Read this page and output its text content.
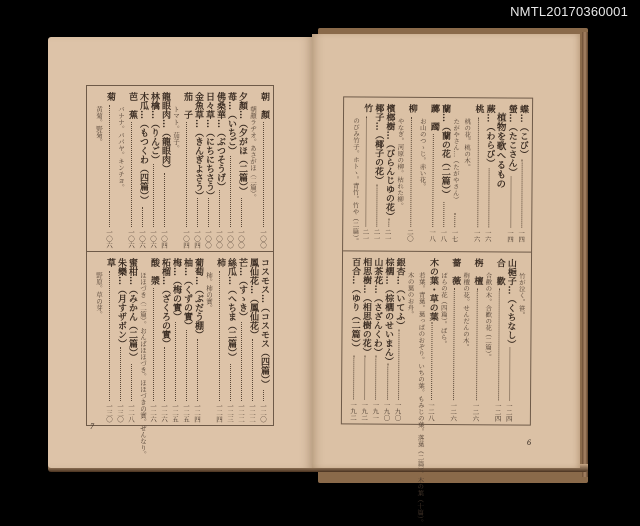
NMTL20170360001
朝　顏
一〇〇
朝顏ラヂオ。あさがほ（二篇）。
夕顏…（夕がほ（二篇））
一〇〇
苺…（いちご）
一〇〇
佛桑華…（ぶつそうげ）
一〇〇
日々草…（にちにちさう）
一〇〇
金魚草…（きんぎよさう）
一〇四
茄　子
一〇四
トマト。茄子。
龍眼肉…（龍眼肉）
一〇四
林檎…（りんご）
一〇六
木瓜…（もつくわ（四篇））
一〇六
芭　蕉
一〇六
バナナ。パパヤ。キンチヨ。
菊
一〇六
黄菊。野菊。
コスモス…（コスモス（四篇））
一二〇
鳳仙花…（鳳仙花）
一二二
芒…（すゝき）
一二二
絲瓜…（へちま（二篇））
一二三
柿
一二四
柿。柿の實。
葡萄…（ぶだう棚）
一二四
柚…（くずの實）
一二五
梅…（梅の實）
一二五
柘榴…（ざくろの實）
一二六
酸　漿
一二六
ほほづき（二篇）。おんばほほづき。ほほづきの實。ぜんなり。
蜜柑…（みかん（二篇））
一二八
朱欒…（月すザボン）
一三〇
草
一三〇
野原。草の芽。
7
蝶…（こび）
一四
螢…（たこさん）
一四
植物を歌へるもの
蕨…（わらび）
一六
桃
一六
桃の花。桃の木。
たがやさん…（たがやさん）
一七
蘭…（蘭の花（二篇））
一八
躑　躅
一八
お山のつゝじ。赤い花。
柳
二〇
やなぎ。河原の柳。枯れた柳。
檳榔樹…（びらんじゆの花）
二一
椰子…（椰子の花）
二一
竹
二一
のびみ竹子。ホトヽ。青竹。竹や（二篇）。
竹が泣く。笹。
山梔子…（くちなし）
一二四
合　歡
一二四
合歡の木。合歡の花（二篇）。
栴　檀
一二六
栴檀の花。せんだんの木。
薔　薇
一二六
ばらの花（四篇）。ばら。
木の葉・草の葉
一二八
若葉。青葉。葉っぱのおぞり。いちの葉。もみじの葉。落葉（二篇）。木の葉（十篇）。
木の葉のお舟。
銀杏…（いてふ）
一九〇
棕櫚…（棕櫚のせいまん）
一九〇
山茶花…（さざんくわ）
一九一
相思樹…（相思樹の花）
一九二
百合…（ゆり（二篇））
一九二
6
